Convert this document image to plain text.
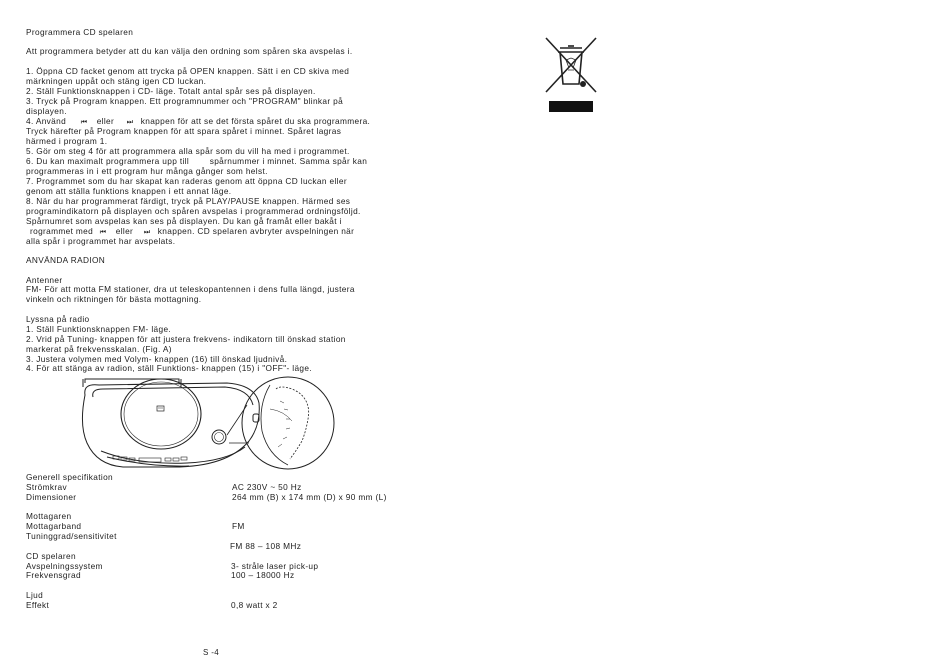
Programmera CD spelaren
Att programmera betyder att du kan välja den ordning som spåren ska avspelas i.
1. Öppna CD facket genom att trycka på OPEN knappen. Sätt i en CD skiva med
märkningen uppåt och stäng igen CD luckan.
2. Ställ Funktionsknappen i CD- läge. Totalt antal spår ses på displayen.
3. Tryck på Program knappen. Ett programnummer och "PROGRAM" blinkar på
displayen.
4. Använd ⏮ eller ⏭ knappen för att se det första spåret du ska programmera.
Tryck härefter på Program knappen för att spara spåret i minnet. Spåret lagras
härmed i program 1.
5. Gör om steg 4 för att programmera alla spår som du vill ha med i programmet.
6. Du kan maximalt programmera upp till spårnummer i minnet. Samma spår kan
programmeras in i ett program hur många gånger som helst.
7. Programmet som du har skapat kan raderas genom att öppna CD luckan eller
genom att ställa funktions knappen i ett annat läge.
8. När du har programmerat färdigt, tryck på PLAY/PAUSE knappen. Härmed ses
programindikatorn på displayen och spåren avspelas i programmerad ordningsföljd.
Spårnumret som avspelas kan ses på displayen. Du kan gå framåt eller bakåt i
rogrammet med ⏮ eller ⏭ knappen. CD spelaren avbryter avspelningen när
alla spår i programmet har avspelats.
ANVÄNDA RADION
Antenner
FM- För att motta FM stationer, dra ut teleskopantennen i dens fulla längd, justera
vinkeln och riktningen för bästa mottagning.
Lyssna på radio
1. Ställ Funktionsknappen FM- läge.
2. Vrid på Tuning- knappen för att justera frekvens- indikatorn till önskad station
markerat på frekvensskalan. (Fig. A)
3. Justera volymen med Volym- knappen (16) till önskad ljudnivå.
4. För att stänga av radion, ställ Funktions- knappen (15) i "OFF"- läge.
Generell specifikation
Strömkrav	AC 230V ~ 50 Hz
Dimensioner	264 mm (B) x 174 mm (D) x 90 mm (L)
Mottagaren
Mottagarband	FM
Tuninggrad/sensitivitet
FM 88 – 108 MHz
CD spelaren
Avspelningssystem	3- stråle laser pick-up
Frekvensgrad	100 – 18000 Hz
Ljud
Effekt	0,8 watt x 2
S -4
